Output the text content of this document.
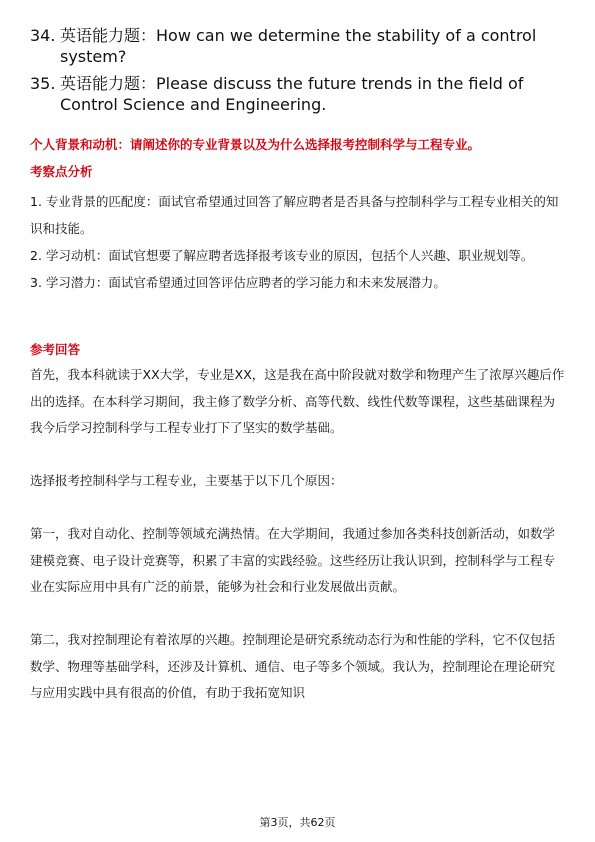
34. 英语能力题：How can we determine the stability of a control system?
35. 英语能力题：Please discuss the future trends in the field of Control Science and Engineering.
个人背景和动机：请阐述你的专业背景以及为什么选择报考控制科学与工程专业。
考察点分析

1. 专业背景的匹配度：面试官希望通过回答了解应聘者是否具备与控制科学与工程专业相关的知识和技能。

2. 学习动机：面试官想要了解应聘者选择报考该专业的原因，包括个人兴趣、职业规划等。

3. 学习潜力：面试官希望通过回答评估应聘者的学习能力和未来发展潜力。

参考回答

首先，我本科就读于XX大学，专业是XX，这是我在高中阶段就对数学和物理产生了浓厚兴趣后作出的选择。在本科学习期间，我主修了数学分析、高等代数、线性代数等课程，这些基础课程为我今后学习控制科学与工程专业打下了坚实的数学基础。

选择报考控制科学与工程专业，主要基于以下几个原因：

第一，我对自动化、控制等领域充满热情。在大学期间，我通过参加各类科技创新活动，如数学建模竞赛、电子设计竞赛等，积累了丰富的实践经验。这些经历让我认识到，控制科学与工程专业在实际应用中具有广泛的前景，能够为社会和行业发展做出贡献。

第二，我对控制理论有着浓厚的兴趣。控制理论是研究系统动态行为和性能的学科，它不仅包括数学、物理等基础学科，还涉及计算机、通信、电子等多个领域。我认为，控制理论在理论研究与应用实践中具有很高的价值，有助于我拓宽知识

第3页，共62页
